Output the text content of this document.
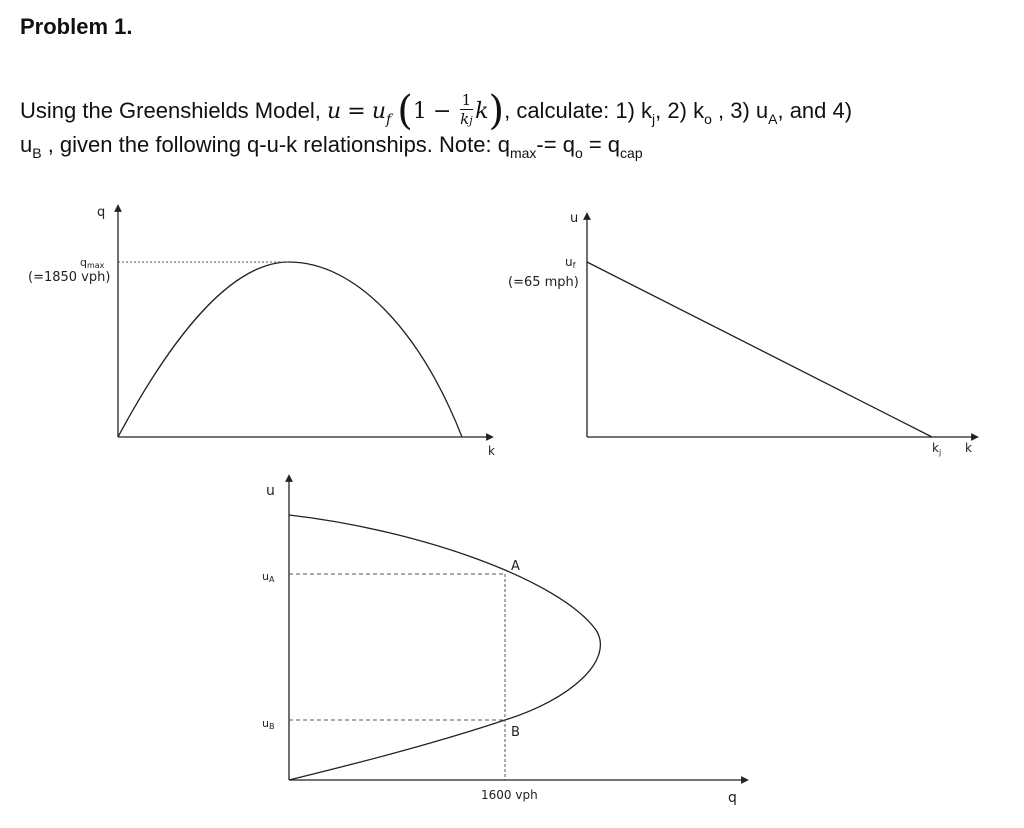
Problem 1.
Using the Greenshields Model, $u = u_f$ $(1 - \frac{1}{kj} k)$, calculate: 1) $k_j$, 2) $k_o$ , 3) $u_A$, and 4)
$u_B$ , given the following q-u-k relationships. Note: $q_{max}-= q_o = q_{cap}$
q
k
qmax
(=1850 vph)
u
uf
(=65 mph)
$k_j$ k
u
uA
uB
A
B
1600 vph	q
